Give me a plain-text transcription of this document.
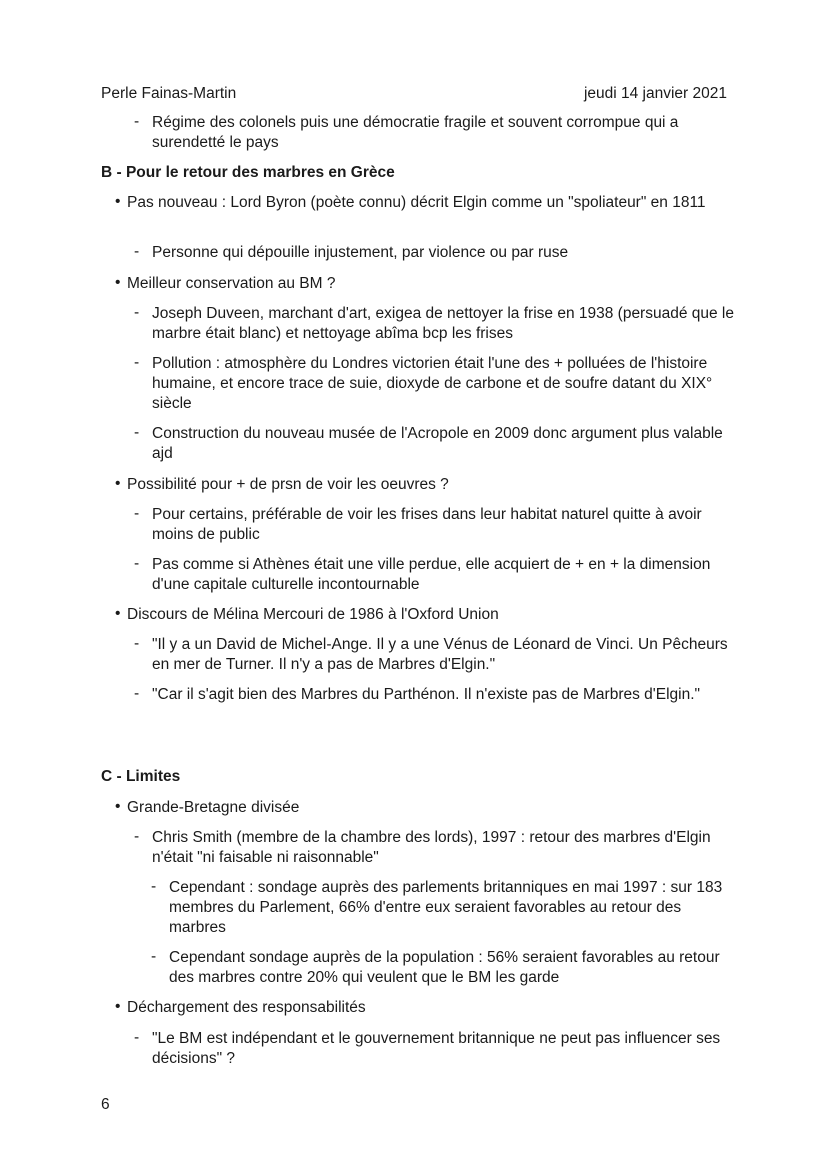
Perle Fainas-Martin	jeudi 14 janvier 2021
- Régime des colonels puis une démocratie fragile et souvent corrompue qui a surendetté le pays
B - Pour le retour des marbres en Grèce
• Pas nouveau : Lord Byron (poète connu) décrit Elgin comme un "spoliateur" en 1811
- Personne qui dépouille injustement, par violence ou par ruse
• Meilleur conservation au BM ?
- Joseph Duveen, marchant d'art, exigea de nettoyer la frise en 1938 (persuadé que le marbre était blanc) et nettoyage abîma bcp les frises
- Pollution : atmosphère du Londres victorien était l'une des + polluées de l'histoire humaine, et encore trace de suie, dioxyde de carbone et de soufre datant du XIX° siècle
- Construction du nouveau musée de l'Acropole en 2009 donc argument plus valable ajd
• Possibilité pour + de prsn de voir les oeuvres ?
- Pour certains, préférable de voir les frises dans leur habitat naturel quitte à avoir moins de public
- Pas comme si Athènes était une ville perdue, elle acquiert de + en + la dimension d'une capitale culturelle incontournable
• Discours de Mélina Mercouri de 1986 à l'Oxford Union
- "Il y a un David de Michel-Ange. Il y a une Vénus de Léonard de Vinci. Un Pêcheurs en mer de Turner. Il n'y a pas de Marbres d'Elgin."
- "Car il s'agit bien des Marbres du Parthénon. Il n'existe pas de Marbres d'Elgin."
C - Limites
• Grande-Bretagne divisée
- Chris Smith (membre de la chambre des lords), 1997 : retour des marbres d'Elgin n'était "ni faisable ni raisonnable"
- Cependant : sondage auprès des parlements britanniques en mai 1997 : sur 183 membres du Parlement, 66% d'entre eux seraient favorables au retour des marbres
- Cependant sondage auprès de la population : 56% seraient favorables au retour des marbres contre 20% qui veulent que le BM les garde
• Déchargement des responsabilités
- "Le BM est indépendant et le gouvernement britannique ne peut pas influencer ses décisions" ?
6
